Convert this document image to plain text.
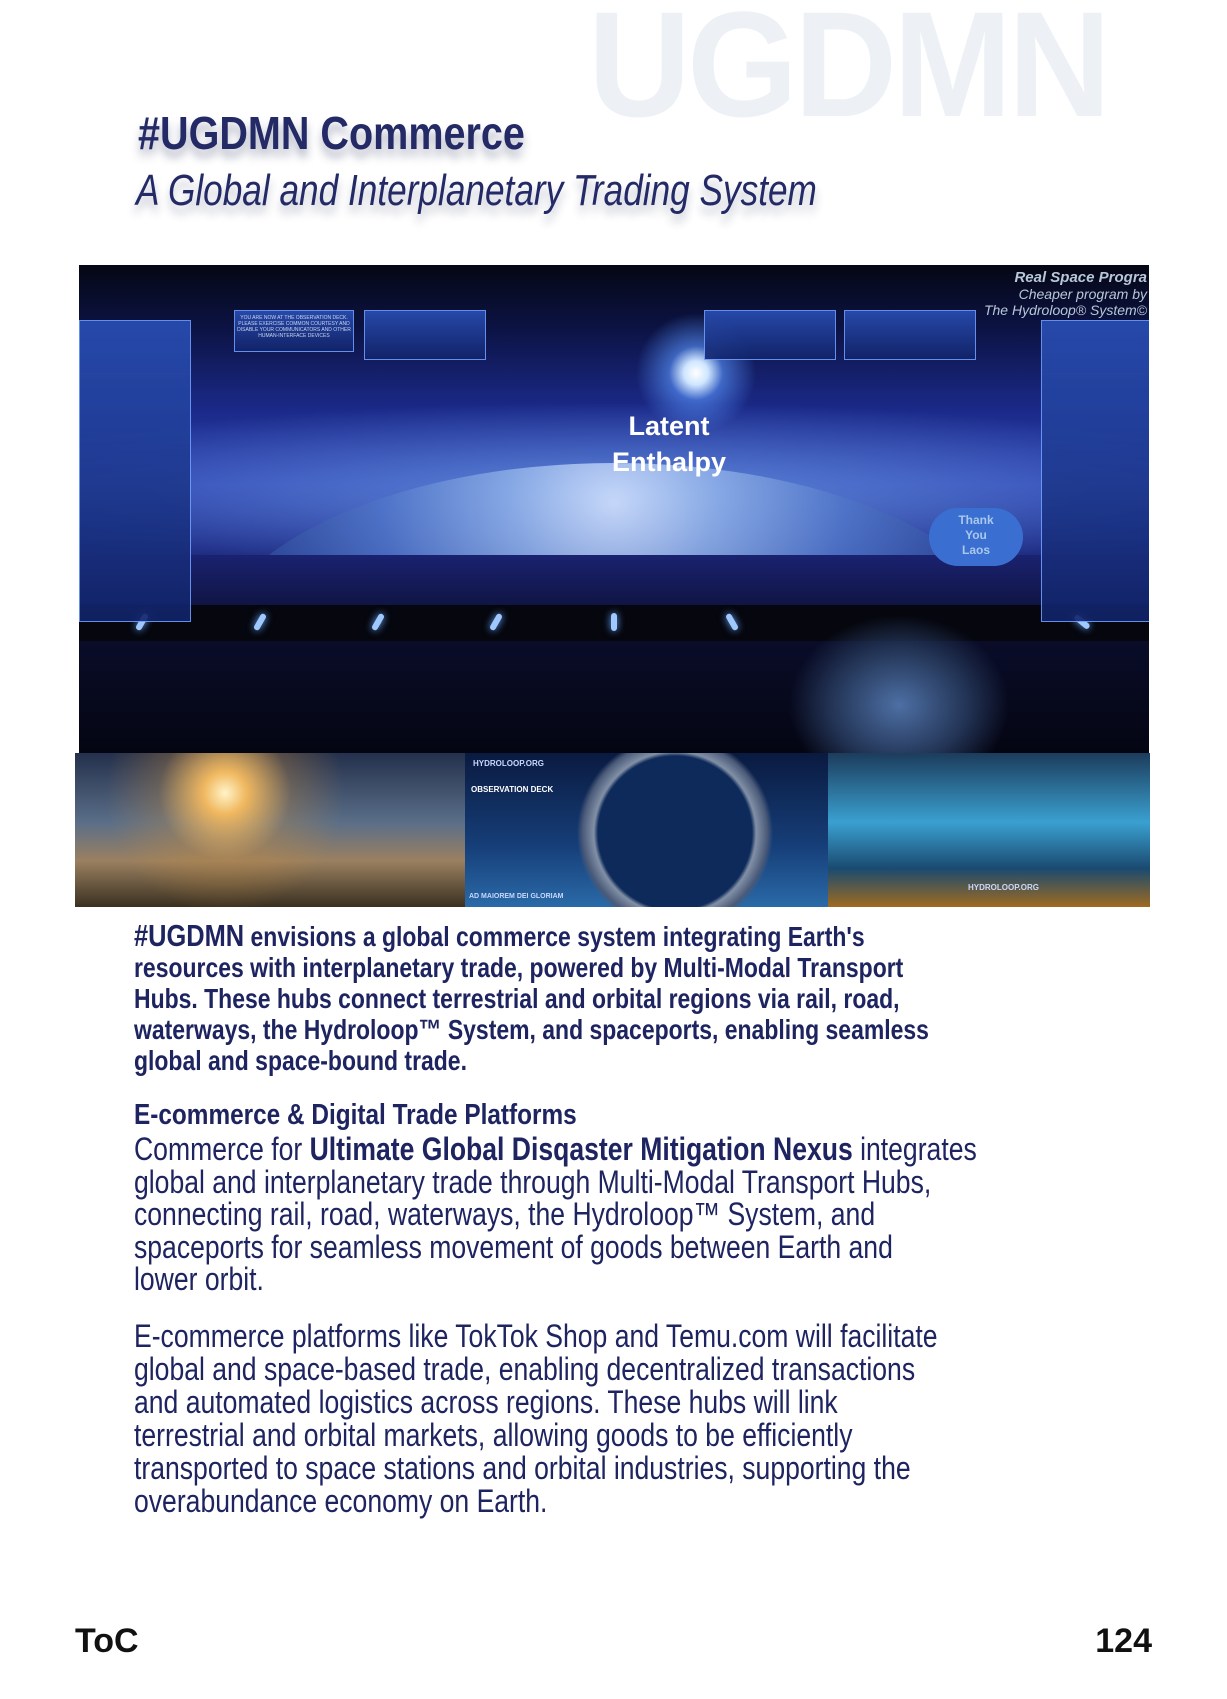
UGDMN
#UGDMN Commerce
A Global and Interplanetary Trading System
YOU ARE NOW AT THE OBSERVATION DECK. PLEASE EXERCISE COMMON COURTESY AND DISABLE YOUR COMMUNICATORS AND OTHER HUMAN-INTERFACE DEVICES
Real Space Progra
Cheaper program by
The Hydroloop® System©
Latent
Enthalpy
Thank
You
Laos
HYDROLOOP.ORG
OBSERVATION DECK
AD MAIOREM DEI GLORIAM
HYDROLOOP.ORG
#UGDMN envisions a global commerce system integrating Earth's
resources with interplanetary trade, powered by Multi-Modal Transport
Hubs. These hubs connect terrestrial and orbital regions via rail, road,
waterways, the Hydroloop™ System, and spaceports, enabling seamless
global and space-bound trade.
E-commerce & Digital Trade Platforms
Commerce for Ultimate Global Disqaster Mitigation Nexus integrates
global and interplanetary trade through Multi-Modal Transport Hubs,
connecting rail, road, waterways, the Hydroloop™ System, and
spaceports for seamless movement of goods between Earth and
lower orbit.
E-commerce platforms like TokTok Shop and Temu.com will facilitate
global and space-based trade, enabling decentralized transactions
and automated logistics across regions. These hubs will link
terrestrial and orbital markets, allowing goods to be efficiently
transported to space stations and orbital industries, supporting the
overabundance economy on Earth.
ToC	124
